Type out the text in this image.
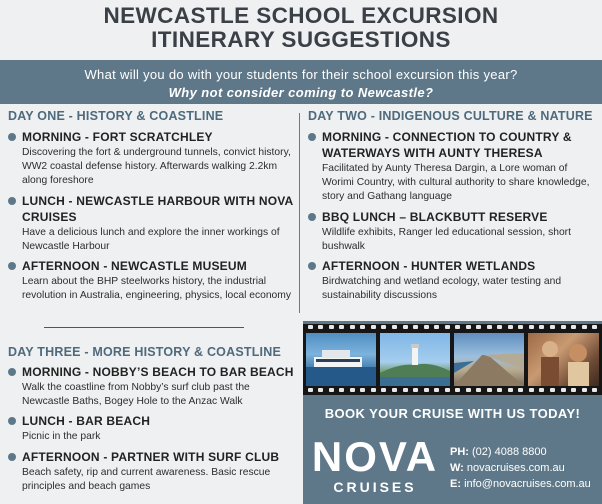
NEWCASTLE SCHOOL EXCURSION
ITINERARY SUGGESTIONS
What will you do with your students for their school excursion this year?
Why not consider coming to Newcastle?
DAY ONE - HISTORY & COASTLINE
MORNING - FORT SCRATCHLEY
Discovering the fort & underground tunnels, convict history, WW2 coastal defense history. Afterwards walking 2.2km along foreshore
LUNCH - NEWCASTLE HARBOUR WITH NOVA CRUISES
Have a delicious lunch and explore the inner workings of Newcastle Harbour
AFTERNOON - NEWCASTLE MUSEUM
Learn about the BHP steelworks history, the industrial revolution in Australia, engineering, physics, local economy
DAY TWO - INDIGENOUS CULTURE & NATURE
MORNING - CONNECTION TO COUNTRY & WATERWAYS WITH AUNTY THERESA
Facilitated by Aunty Theresa Dargin, a Lore woman of Worimi Country, with cultural authority to share knowledge, story and Gathang language
BBQ LUNCH – BLACKBUTT RESERVE
Wildlife exhibits, Ranger led educational session, short bushwalk
AFTERNOON - HUNTER WETLANDS
Birdwatching and wetland ecology, water testing and sustainability discussions
DAY THREE - MORE HISTORY & COASTLINE
MORNING - NOBBY’S BEACH TO BAR BEACH
Walk the coastline from Nobby’s surf club past the Newcastle Baths, Bogey Hole to the Anzac Walk
LUNCH - BAR BEACH
Picnic in the park
AFTERNOON - PARTNER WITH SURF CLUB
Beach safety, rip and current awareness. Basic rescue principles and beach games
BOOK YOUR CRUISE WITH US TODAY!
NOVA
CRUISES
PH: (02) 4088 8800
W: novacruises.com.au
E: info@novacruises.com.au
